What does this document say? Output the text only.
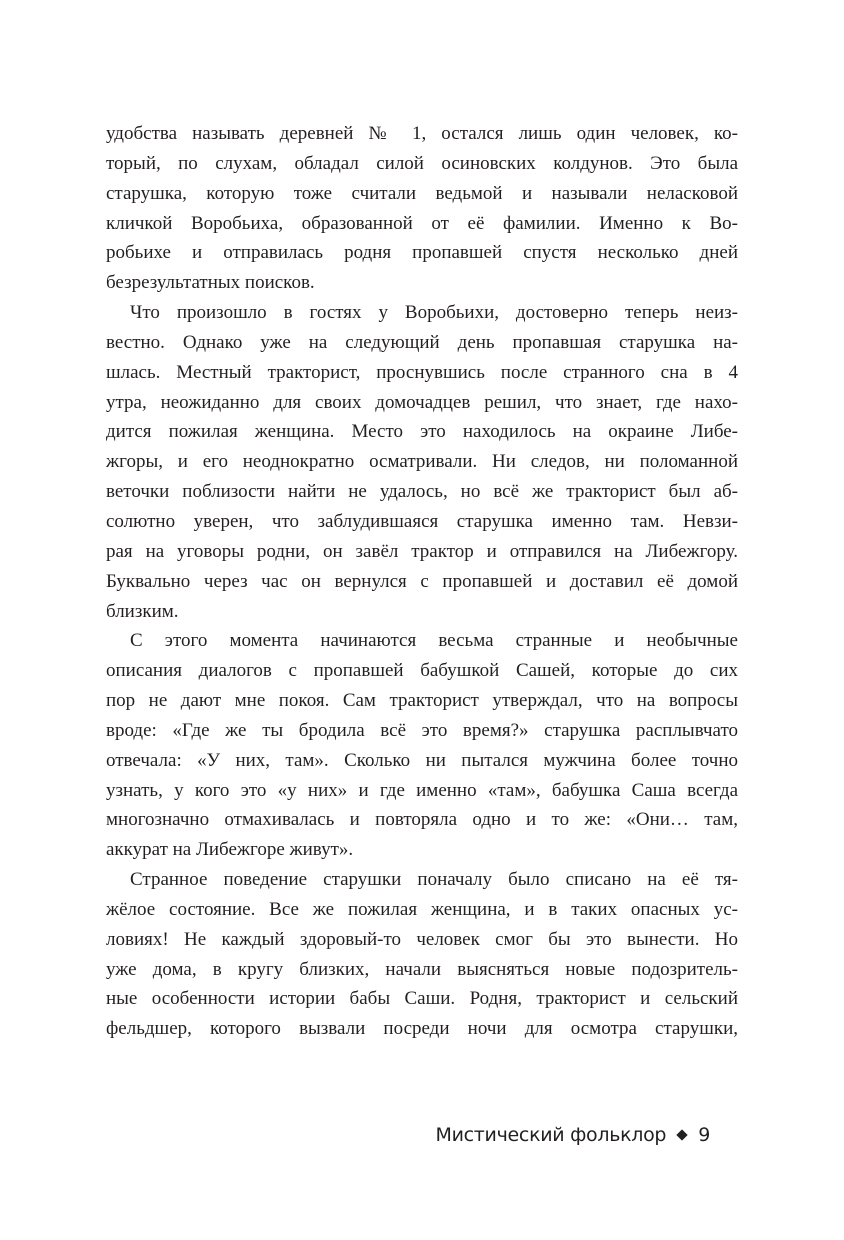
удобства называть деревней № 1, остался лишь один человек, ко-
торый, по слухам, обладал силой осиновских колдунов. Это была
старушка, которую тоже считали ведьмой и называли неласковой
кличкой Воробьиха, образованной от её фамилии. Именно к Во-
робьихе и отправилась родня пропавшей спустя несколько дней
безрезультатных поисков.
Что произошло в гостях у Воробьихи, достоверно теперь неиз-
вестно. Однако уже на следующий день пропавшая старушка на-
шлась. Местный тракторист, проснувшись после странного сна в 4
утра, неожиданно для своих домочадцев решил, что знает, где нахо-
дится пожилая женщина. Место это находилось на окраине Либе-
жгоры, и его неоднократно осматривали. Ни следов, ни поломанной
веточки поблизости найти не удалось, но всё же тракторист был аб-
солютно уверен, что заблудившаяся старушка именно там. Невзи-
рая на уговоры родни, он завёл трактор и отправился на Либежгору.
Буквально через час он вернулся с пропавшей и доставил её домой
близким.
С этого момента начинаются весьма странные и необычные
описания диалогов с пропавшей бабушкой Сашей, которые до сих
пор не дают мне покоя. Сам тракторист утверждал, что на вопросы
вроде: «Где же ты бродила всё это время?» старушка расплывчато
отвечала: «У них, там». Сколько ни пытался мужчина более точно
узнать, у кого это «у них» и где именно «там», бабушка Саша всегда
многозначно отмахивалась и повторяла одно и то же: «Они… там,
аккурат на Либежгоре живут».
Странное поведение старушки поначалу было списано на её тя-
жёлое состояние. Все же пожилая женщина, и в таких опасных ус-
ловиях! Не каждый здоровый-то человек смог бы это вынести. Но
уже дома, в кругу близких, начали выясняться новые подозритель-
ные особенности истории бабы Саши. Родня, тракторист и сельский
фельдшер, которого вызвали посреди ночи для осмотра старушки,
Мистический фольклор 9
